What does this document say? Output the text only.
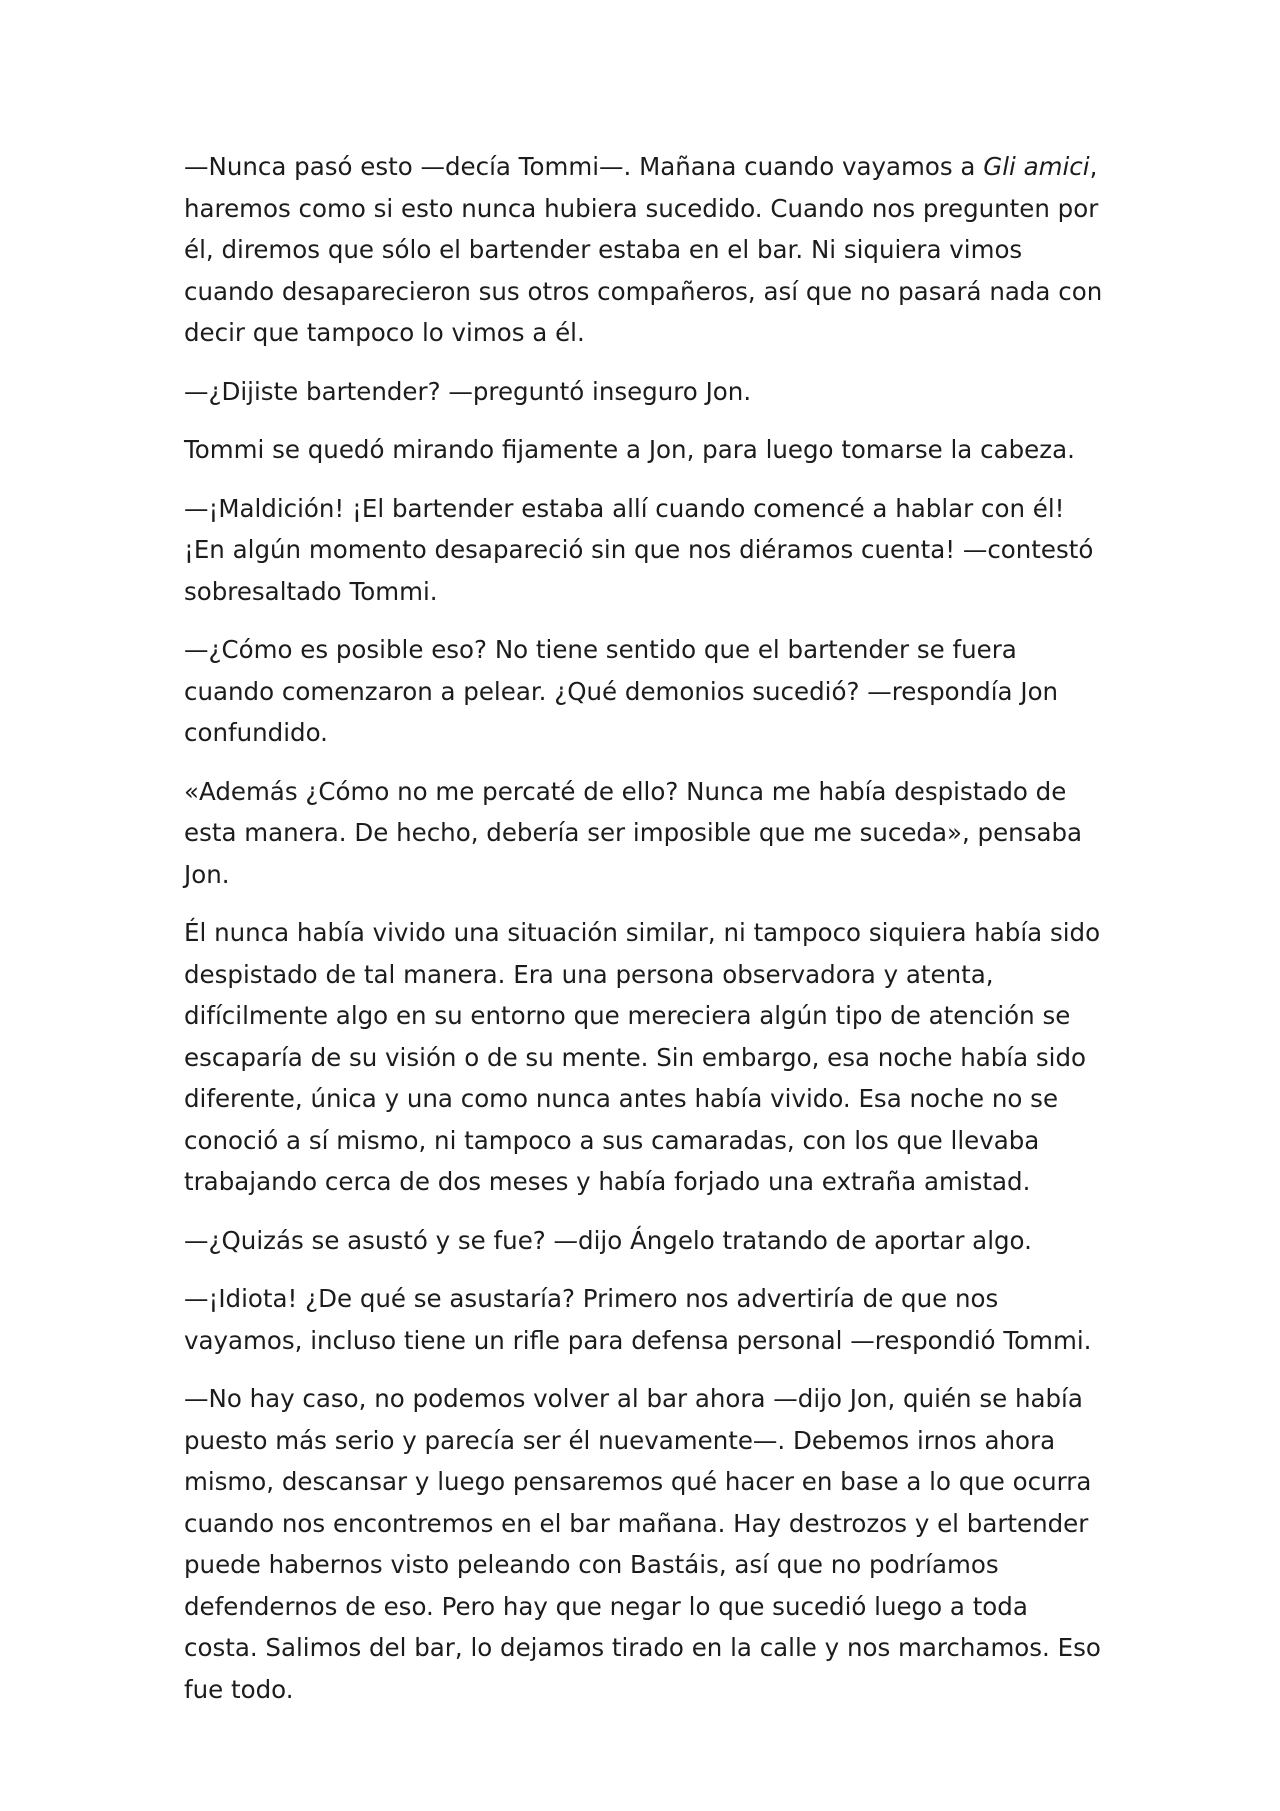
—Nunca pasó esto —decía Tommi—. Mañana cuando vayamos a Gli amici, haremos como si esto nunca hubiera sucedido. Cuando nos pregunten por él, diremos que sólo el bartender estaba en el bar. Ni siquiera vimos cuando desaparecieron sus otros compañeros, así que no pasará nada con decir que tampoco lo vimos a él.

—¿Dijiste bartender? —preguntó inseguro Jon.

Tommi se quedó mirando fijamente a Jon, para luego tomarse la cabeza.

—¡Maldición! ¡El bartender estaba allí cuando comencé a hablar con él! ¡En algún momento desapareció sin que nos diéramos cuenta! —contestó sobresaltado Tommi.

—¿Cómo es posible eso? No tiene sentido que el bartender se fuera cuando comenzaron a pelear. ¿Qué demonios sucedió? —respondía Jon confundido.

«Además ¿Cómo no me percaté de ello? Nunca me había despistado de esta manera. De hecho, debería ser imposible que me suceda», pensaba Jon.

Él nunca había vivido una situación similar, ni tampoco siquiera había sido despistado de tal manera. Era una persona observadora y atenta, difícilmente algo en su entorno que mereciera algún tipo de atención se escaparía de su visión o de su mente. Sin embargo, esa noche había sido diferente, única y una como nunca antes había vivido. Esa noche no se conoció a sí mismo, ni tampoco a sus camaradas, con los que llevaba trabajando cerca de dos meses y había forjado una extraña amistad.

—¿Quizás se asustó y se fue? —dijo Ángelo tratando de aportar algo.

—¡Idiota! ¿De qué se asustaría? Primero nos advertiría de que nos vayamos, incluso tiene un rifle para defensa personal —respondió Tommi.

—No hay caso, no podemos volver al bar ahora —dijo Jon, quién se había puesto más serio y parecía ser él nuevamente—. Debemos irnos ahora mismo, descansar y luego pensaremos qué hacer en base a lo que ocurra cuando nos encontremos en el bar mañana. Hay destrozos y el bartender puede habernos visto peleando con Bastáis, así que no podríamos defendernos de eso. Pero hay que negar lo que sucedió luego a toda costa. Salimos del bar, lo dejamos tirado en la calle y nos marchamos. Eso fue todo.
